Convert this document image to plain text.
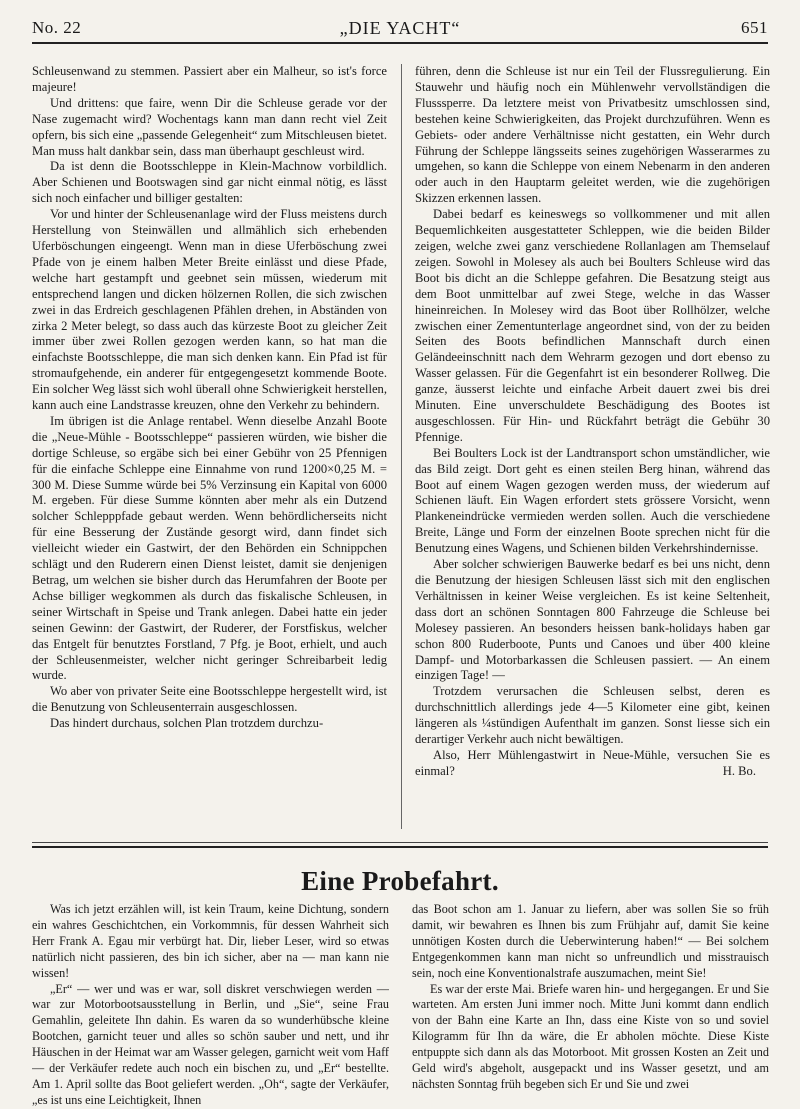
No. 22	„DIE YACHT“	651

Schleusenwand zu stemmen. Passiert aber ein Malheur, so ist's force majeure!

Und drittens: que faire, wenn Dir die Schleuse gerade vor der Nase zugemacht wird? Wochentags kann man dann recht viel Zeit opfern, bis sich eine „passende Gelegenheit“ zum Mitschleusen bietet. Man muss halt dankbar sein, dass man überhaupt geschleust wird.

Da ist denn die Bootsschleppe in Klein-Machnow vorbildlich. Aber Schienen und Bootswagen sind gar nicht einmal nötig, es lässt sich noch einfacher und billiger gestalten:

Vor und hinter der Schleusenanlage wird der Fluss meistens durch Herstellung von Steinwällen und allmählich sich erhebenden Uferböschungen eingeengt. Wenn man in diese Uferböschung zwei Pfade von je einem halben Meter Breite einlässt und diese Pfade, welche hart gestampft und geebnet sein müssen, wiederum mit entsprechend langen und dicken hölzernen Rollen, die sich zwischen zwei in das Erdreich geschlagenen Pfählen drehen, in Abständen von zirka 2 Meter belegt, so dass auch das kürzeste Boot zu gleicher Zeit immer über zwei Rollen gezogen werden kann, so hat man die einfachste Bootsschleppe, die man sich denken kann. Ein Pfad ist für stromaufgehende, ein anderer für entgegengesetzt kommende Boote. Ein solcher Weg lässt sich wohl überall ohne Schwierigkeit herstellen, kann auch eine Landstrasse kreuzen, ohne den Verkehr zu behindern.

Im übrigen ist die Anlage rentabel. Wenn dieselbe Anzahl Boote die „Neue-Mühle - Bootsschleppe“ passieren würden, wie bisher die dortige Schleuse, so ergäbe sich bei einer Gebühr von 25 Pfennigen für die einfache Schleppe eine Einnahme von rund 1200×0,25 M. = 300 M. Diese Summe würde bei 5% Verzinsung ein Kapital von 6000 M. ergeben. Für diese Summe könnten aber mehr als ein Dutzend solcher Schlepppfade gebaut werden. Wenn behördlicherseits nicht für eine Besserung der Zustände gesorgt wird, dann findet sich vielleicht wieder ein Gastwirt, der den Behörden ein Schnippchen schlägt und den Ruderern einen Dienst leistet, damit sie denjenigen Betrag, um welchen sie bisher durch das Herumfahren der Boote per Achse billiger wegkommen als durch das fiskalische Schleusen, in seiner Wirtschaft in Speise und Trank anlegen. Dabei hatte ein jeder seinen Gewinn: der Gastwirt, der Ruderer, der Forstfiskus, welcher das Entgelt für benutztes Forstland, 7 Pfg. je Boot, erhielt, und auch der Schleusenmeister, welcher nicht geringer Schreibarbeit ledig wurde.

Wo aber von privater Seite eine Bootsschleppe hergestellt wird, ist die Benutzung von Schleusenterrain ausgeschlossen.

Das hindert durchaus, solchen Plan trotzdem durchzu-

führen, denn die Schleuse ist nur ein Teil der Flussregulierung. Ein Stauwehr und häufig noch ein Mühlenwehr vervollständigen die Flusssperre. Da letztere meist von Privatbesitz umschlossen sind, bestehen keine Schwierigkeiten, das Projekt durchzuführen. Wenn es Gebiets- oder andere Verhältnisse nicht gestatten, ein Wehr durch Führung der Schleppe längsseits seines zugehörigen Wasserarmes zu umgehen, so kann die Schleppe von einem Nebenarm in den anderen oder auch in den Hauptarm geleitet werden, wie die zugehörigen Skizzen erkennen lassen.

Dabei bedarf es keineswegs so vollkommener und mit allen Bequemlichkeiten ausgestatteter Schleppen, wie die beiden Bilder zeigen, welche zwei ganz verschiedene Rollanlagen am Themselauf zeigen. Sowohl in Molesey als auch bei Boulters Schleuse wird das Boot bis dicht an die Schleppe gefahren. Die Besatzung steigt aus dem Boot unmittelbar auf zwei Stege, welche in das Wasser hineinreichen. In Molesey wird das Boot über Rollhölzer, welche zwischen einer Zementunterlage angeordnet sind, von der zu beiden Seiten des Boots befindlichen Mannschaft durch einen Geländeeinschnitt nach dem Wehrarm gezogen und dort ebenso zu Wasser gelassen. Für die Gegenfahrt ist ein besonderer Rollweg. Die ganze, äusserst leichte und einfache Arbeit dauert zwei bis drei Minuten. Eine unverschuldete Beschädigung des Bootes ist ausgeschlossen. Für Hin- und Rückfahrt beträgt die Gebühr 30 Pfennige.

Bei Boulters Lock ist der Landtransport schon umständlicher, wie das Bild zeigt. Dort geht es einen steilen Berg hinan, während das Boot auf einem Wagen gezogen werden muss, der wiederum auf Schienen läuft. Ein Wagen erfordert stets grössere Vorsicht, wenn Plankeneindrücke vermieden werden sollen. Auch die verschiedene Breite, Länge und Form der einzelnen Boote sprechen nicht für die Benutzung eines Wagens, und Schienen bilden Verkehrshindernisse.

Aber solcher schwierigen Bauwerke bedarf es bei uns nicht, denn die Benutzung der hiesigen Schleusen lässt sich mit den englischen Verhältnissen in keiner Weise vergleichen. Es ist keine Seltenheit, dass dort an schönen Sonntagen 800 Fahrzeuge die Schleuse bei Molesey passieren. An besonders heissen bank-holidays haben gar schon 800 Ruderboote, Punts und Canoes und über 400 kleine Dampf- und Motorbarkassen die Schleusen passiert. — An einem einzigen Tage! —

Trotzdem verursachen die Schleusen selbst, deren es durchschnittlich allerdings jede 4—5 Kilometer eine gibt, keinen längeren als ¼stündigen Aufenthalt im ganzen. Sonst liesse sich ein derartiger Verkehr auch nicht bewältigen.

Also, Herr Mühlengastwirt in Neue-Mühle, versuchen Sie es einmal?	H. Bo.
Eine Probefahrt.

Was ich jetzt erzählen will, ist kein Traum, keine Dichtung, sondern ein wahres Geschichtchen, ein Vorkommnis, für dessen Wahrheit sich Herr Frank A. Egau mir verbürgt hat. Dir, lieber Leser, wird so etwas natürlich nicht passieren, des bin ich sicher, aber na — man kann nie wissen!

„Er“ — wer und was er war, soll diskret verschwiegen werden — war zur Motorbootsausstellung in Berlin, und „Sie“, seine Frau Gemahlin, geleitete Ihn dahin. Es waren da so wunderhübsche kleine Bootchen, garnicht teuer und alles so schön sauber und nett, und ihr Häuschen in der Heimat war am Wasser gelegen, garnicht weit vom Haff — der Verkäufer redete auch noch ein bischen zu, und „Er“ bestellte. Am 1. April sollte das Boot geliefert werden. „Oh“, sagte der Verkäufer, „es ist uns eine Leichtigkeit, Ihnen

das Boot schon am 1. Januar zu liefern, aber was sollen Sie so früh damit, wir bewahren es Ihnen bis zum Frühjahr auf, damit Sie keine unnötigen Kosten durch die Ueberwinterung haben!“ — Bei solchem Entgegenkommen kann man nicht so unfreundlich und misstrauisch sein, noch eine Konventionalstrafe auszumachen, meint Sie!

Es war der erste Mai. Briefe waren hin- und hergegangen. Er und Sie warteten. Am ersten Juni immer noch. Mitte Juni kommt dann endlich von der Bahn eine Karte an Ihn, dass eine Kiste von so und soviel Kilogramm für Ihn da wäre, die Er abholen möchte. Diese Kiste entpuppte sich dann als das Motorboot. Mit grossen Kosten an Zeit und Geld wird's abgeholt, ausgepackt und ins Wasser gesetzt, und am nächsten Sonntag früh begeben sich Er und Sie und zwei
